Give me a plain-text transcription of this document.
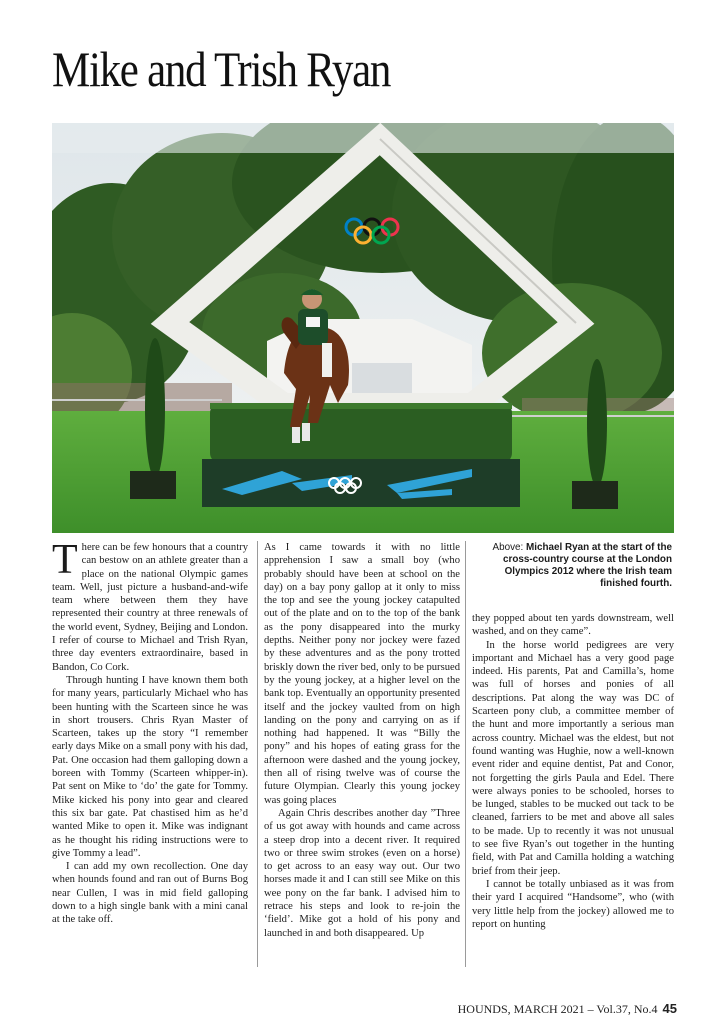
Mike and Trish Ryan
Above: Michael Ryan at the start of the cross-country course at the London Olympics 2012 where the Irish team finished fourth.

There can be few honours that a country can bestow on an athlete greater than a place on the national Olympic games team. Well, just picture a husband-and-wife team where between them they have represented their country at three renewals of the world event, Sydney, Beijing and London. I refer of course to Michael and Trish Ryan, three day eventers extraordinaire, based in Bandon, Co Cork.

Through hunting I have known them both for many years, particularly Michael who has been hunting with the Scarteen since he was in short trousers. Chris Ryan Master of Scarteen, takes up the story “I remember early days Mike on a small pony with his dad, Pat. One occasion had them galloping down a boreen with Tommy (Scarteen whipper-in). Pat sent on Mike to ‘do’ the gate for Tommy. Mike kicked his pony into gear and cleared this six bar gate. Pat chastised him as he’d wanted Mike to open it. Mike was indignant as he thought his riding instructions were to give Tommy a lead”.

I can add my own recollection. One day when hounds found and ran out of Burns Bog near Cullen, I was in mid field galloping down to a high single bank with a mini canal at the take off.

As I came towards it with no little apprehension I saw a small boy (who probably should have been at school on the day) on a bay pony gallop at it only to miss the top and see the young jockey catapulted out of the plate and on to the top of the bank as the pony disappeared into the murky depths. Neither pony nor jockey were fazed by these adventures and as the pony trotted briskly down the river bed, only to be pursued by the young jockey, at a higher level on the bank top. Eventually an opportunity presented itself and the jockey vaulted from on high landing on the pony and carrying on as if nothing had happened. It was “Billy the pony” and his hopes of eating grass for the afternoon were dashed and the young jockey, then all of rising twelve was of course the future Olympian. Clearly this young jockey was going places

Again Chris describes another day ”Three of us got away with hounds and came across a steep drop into a decent river. It required two or three swim strokes (even on a horse) to get across to an easy way out. Our two horses made it and I can still see Mike on this wee pony on the far bank. I advised him to retrace his steps and look to re-join the ‘field’. Mike got a hold of his pony and launched in and both disappeared. Up

they popped about ten yards downstream, well washed, and on they came”.

In the horse world pedigrees are very important and Michael has a very good page indeed. His parents, Pat and Camilla’s, home was full of horses and ponies of all descriptions. Pat along the way was DC of Scarteen pony club, a committee member of the hunt and more importantly a serious man across country. Michael was the eldest, but not found wanting was Hughie, now a well-known event rider and equine dentist, Pat and Conor, not forgetting the girls Paula and Edel. There were always ponies to be schooled, horses to be lunged, stables to be mucked out tack to be cleaned, farriers to be met and above all sales to be made. Up to recently it was not unusual to see five Ryan’s out together in the hunting field, with Pat and Camilla holding a watching brief from their jeep.

I cannot be totally unbiased as it was from their yard I acquired “Handsome”, who (with very little help from the jockey) allowed me to report on hunting

HOUNDS, MARCH 2021 – Vol.37, No.4 45
